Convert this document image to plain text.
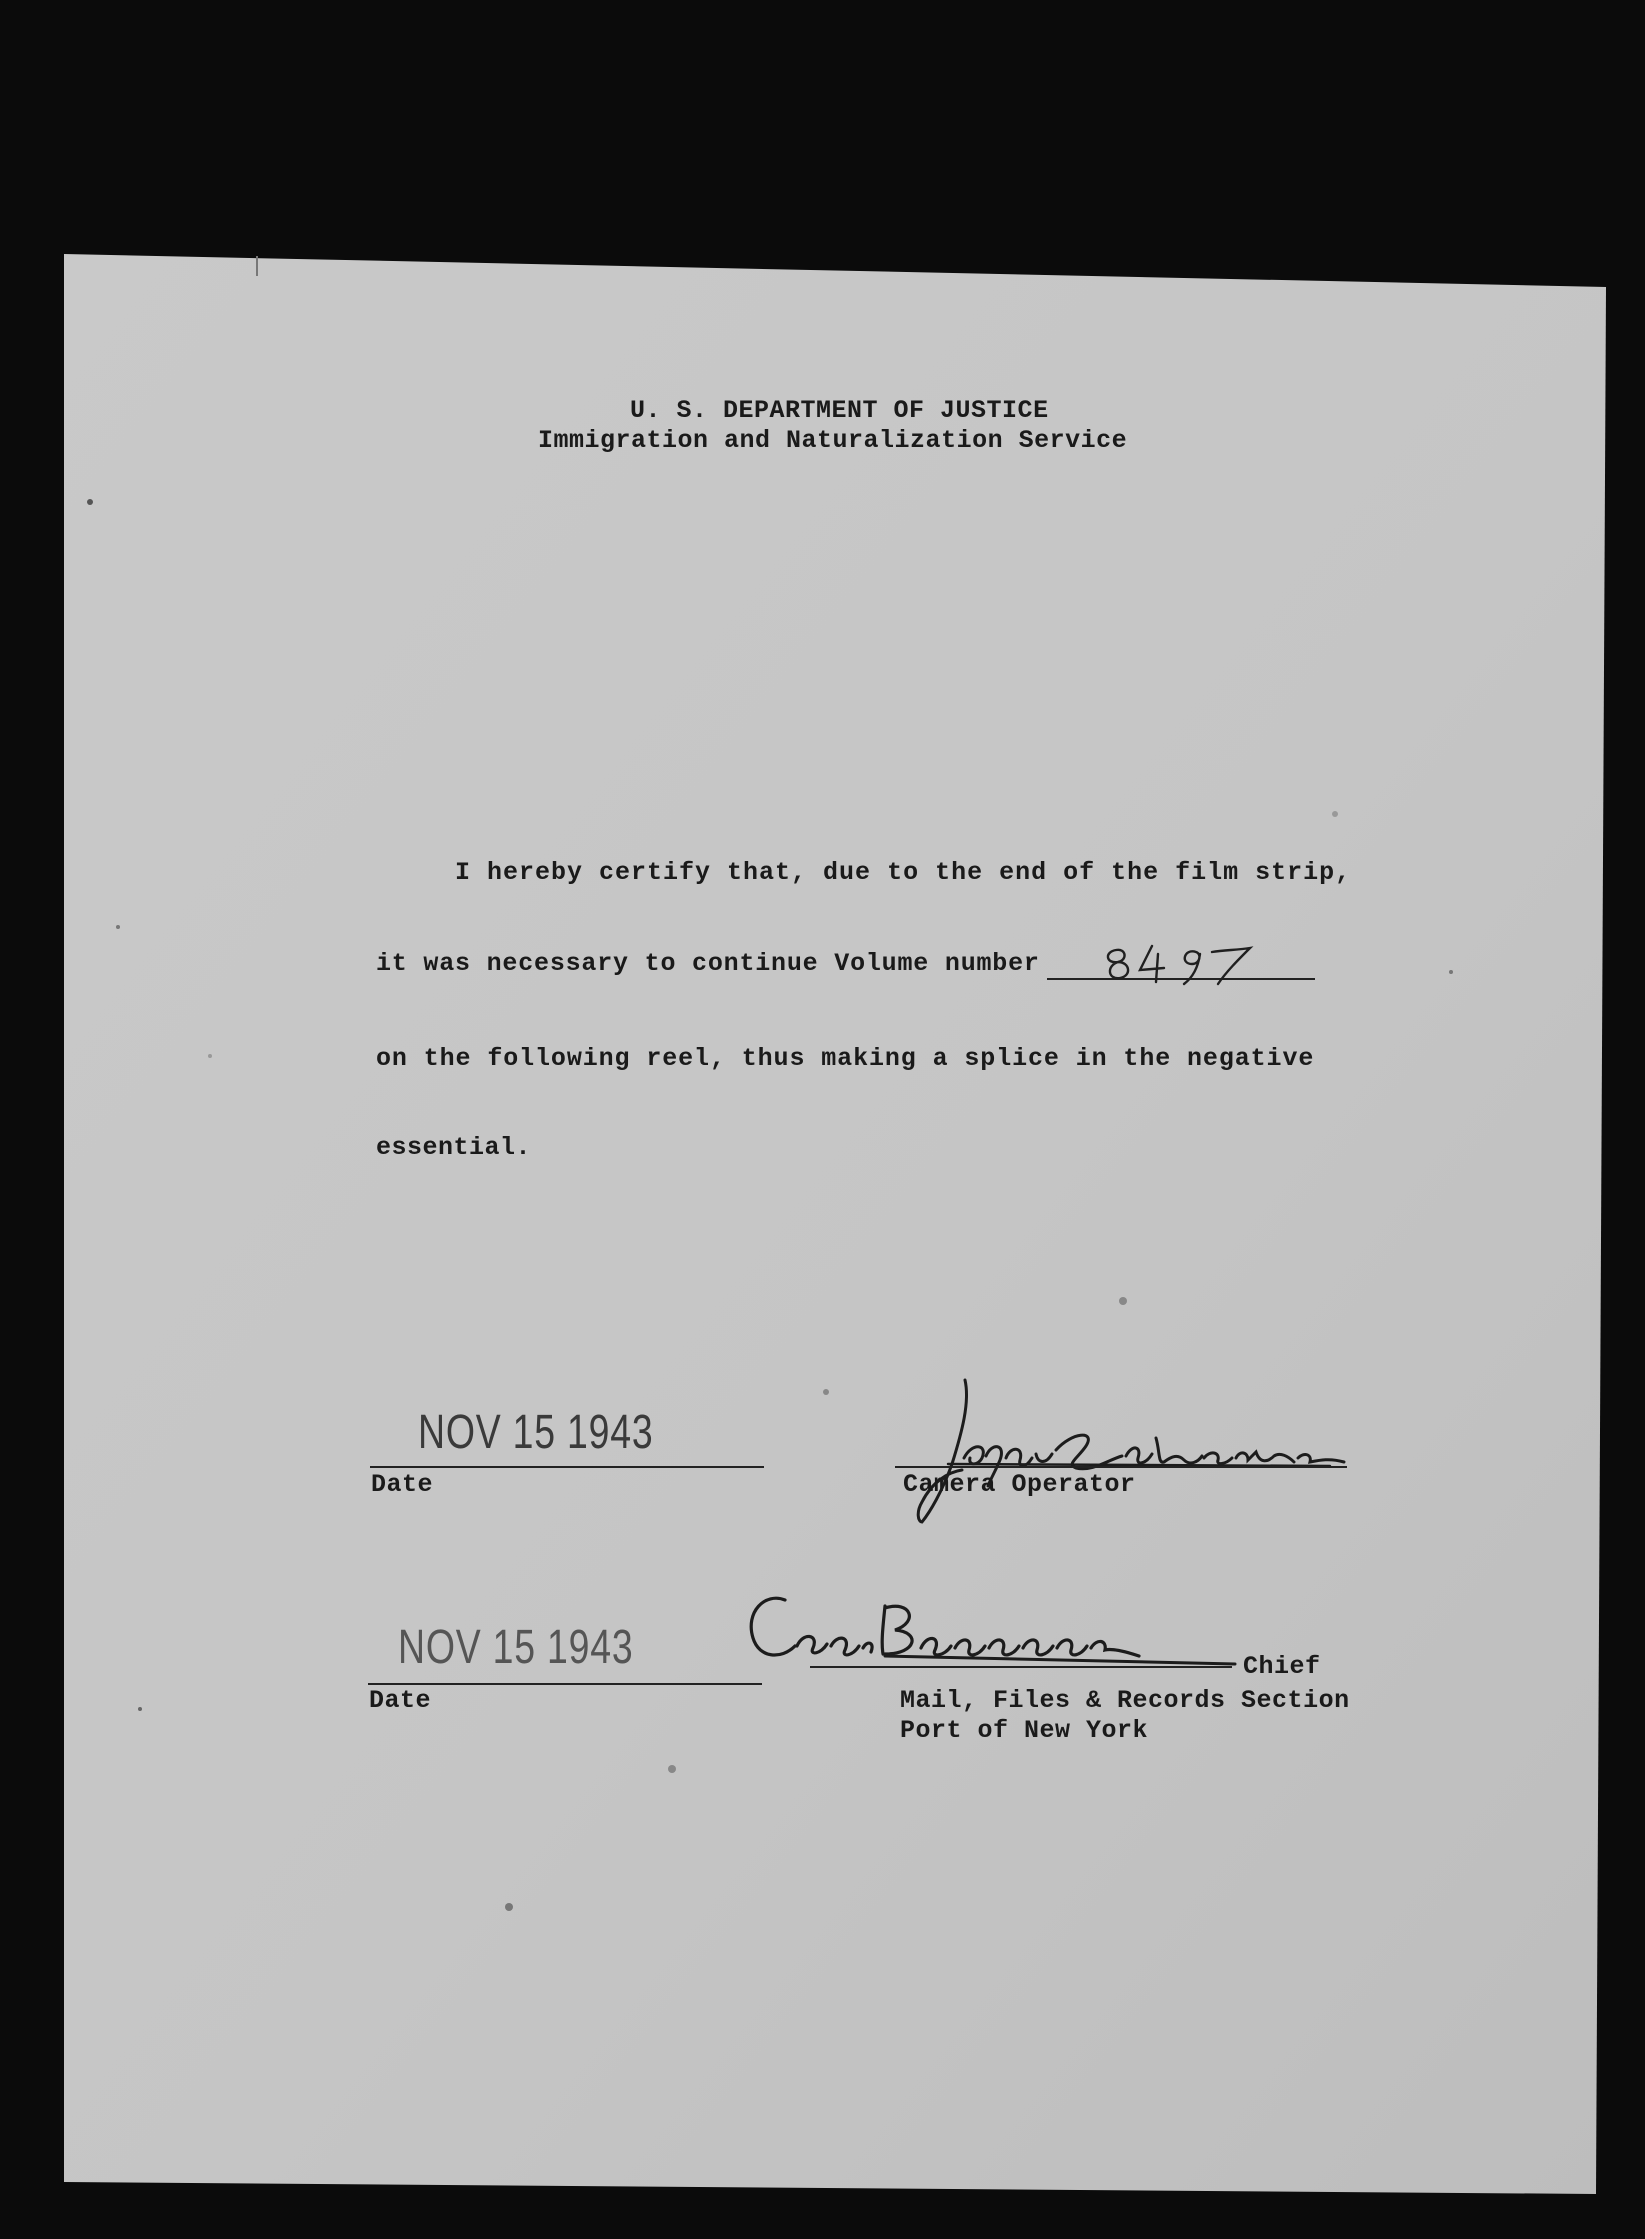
U. S. DEPARTMENT OF JUSTICE
Immigration and Naturalization Service
I hereby certify that, due to the end of the film strip,
it was necessary to continue Volume number
on the following reel, thus making a splice in the negative
essential.
NOV 15 1943
Date	Camera Operator
NOV 15 1943
Date
Chief
Mail, Files & Records Section
Port of New York
